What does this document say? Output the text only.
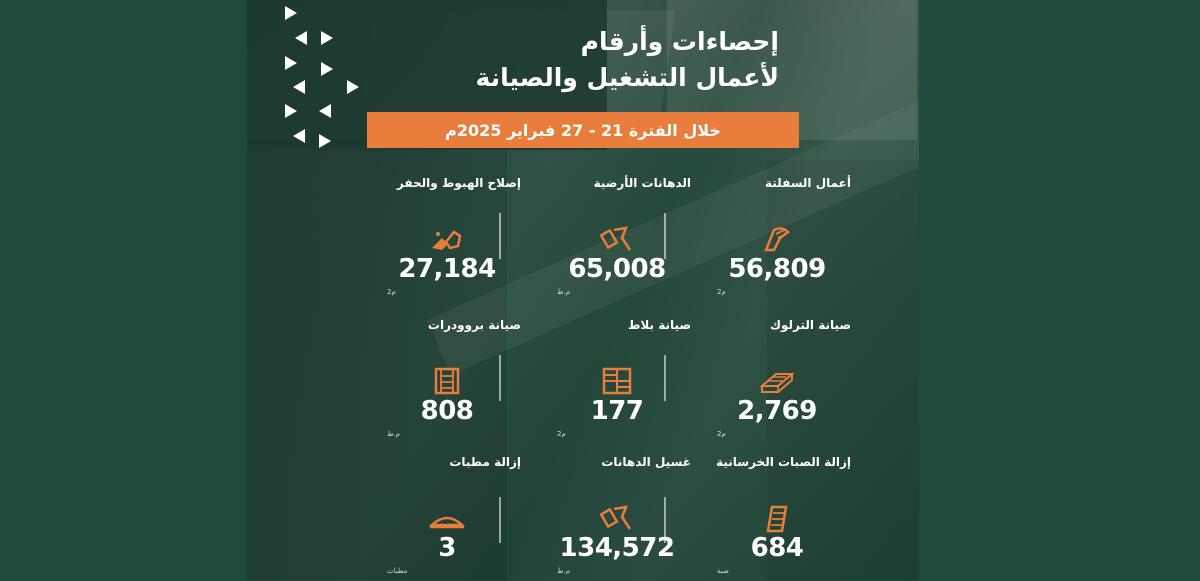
إحصاءات وأرقام
لأعمال التشغيل والصيانة
خلال الفترة 21 - 27 فبراير 2025م
أعمال السفلتة
56,809
م2
الدهانات الأرضية
65,008
م.ط
إصلاح الهبوط والحفر
27,184
م2
صيانة الترلوك
2,769
م2
صيانة بلاط
177
م2
صيانة بروودرات
808
م.ط
إزالة الصبات الخرسانية
684
صبة
غسيل الدهانات
134,572
م.ط
إزالة مطبات
3
مطبات
